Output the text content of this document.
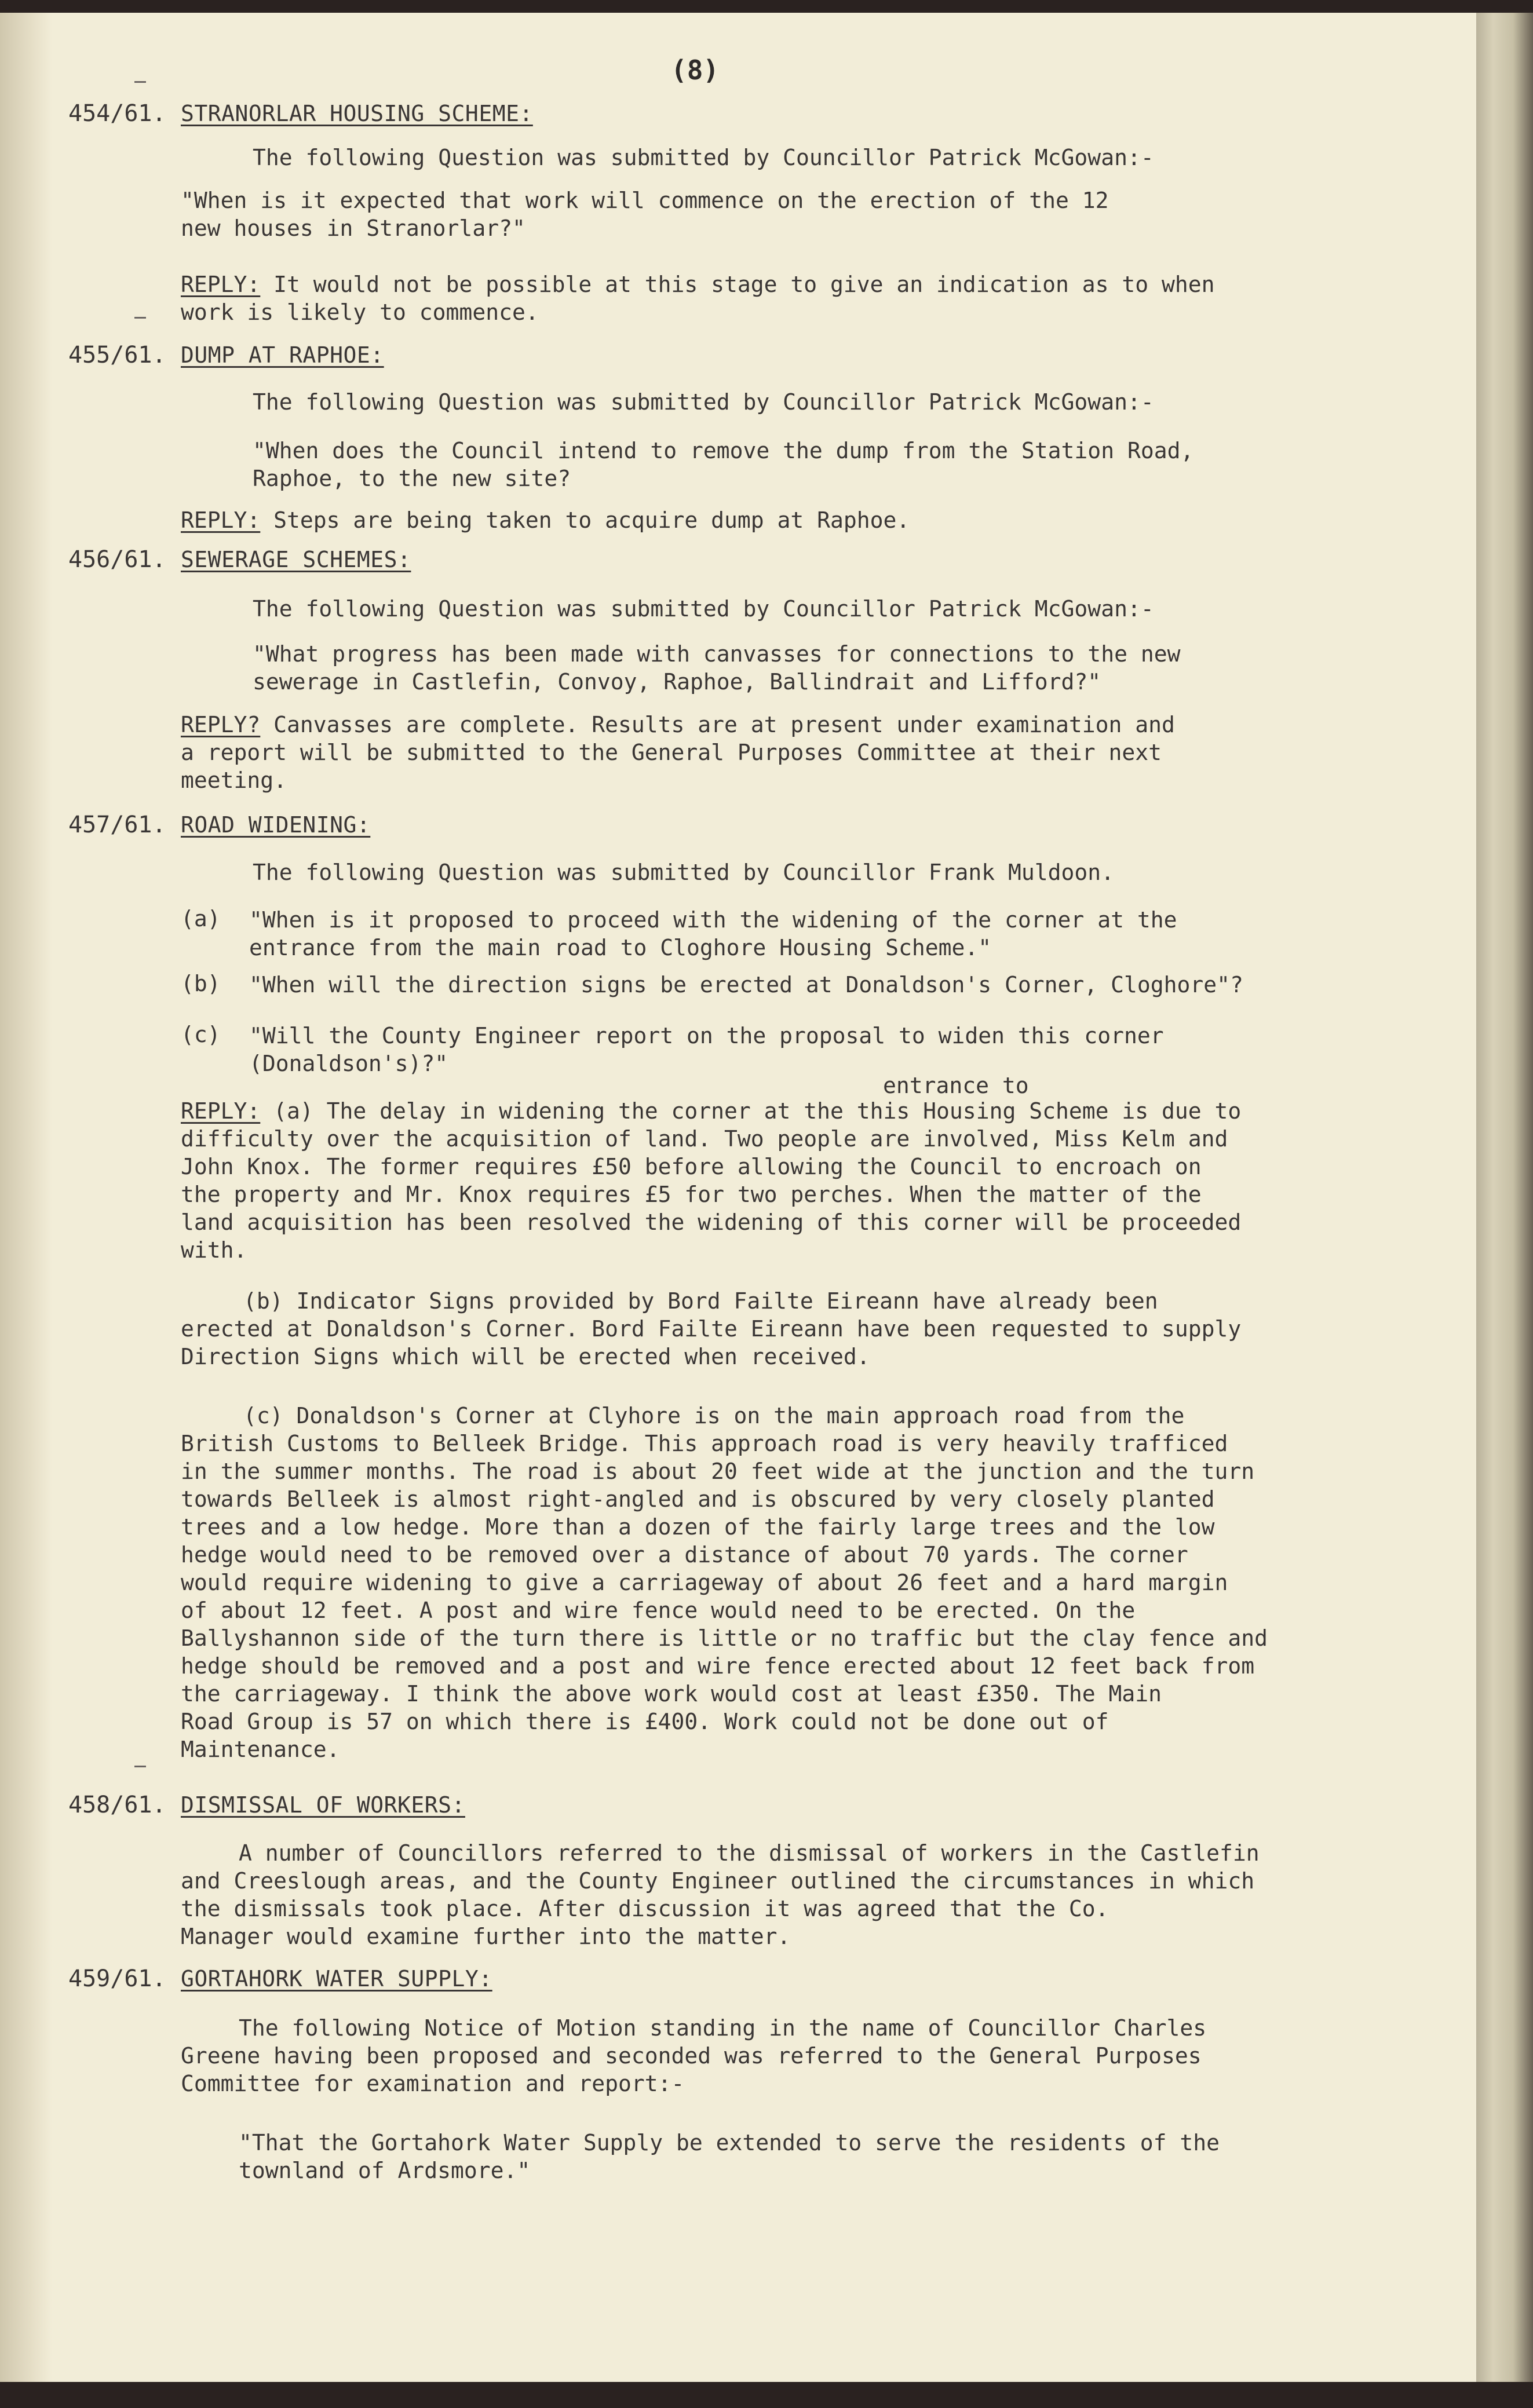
(8)
454/61. STRANORLAR HOUSING SCHEME:
The following Question was submitted by Councillor Patrick McGowan:-
"When is it expected that work will commence on the erection of the 12
new houses in Stranorlar?"
REPLY: It would not be possible at this stage to give an indication as to when
work is likely to commence.
455/61. DUMP AT RAPHOE:
The following Question was submitted by Councillor Patrick McGowan:-
"When does the Council intend to remove the dump from the Station Road,
Raphoe, to the new site?
REPLY: Steps are being taken to acquire dump at Raphoe.
456/61. SEWERAGE SCHEMES:
The following Question was submitted by Councillor Patrick McGowan:-
"What progress has been made with canvasses for connections to the new
sewerage in Castlefin, Convoy, Raphoe, Ballindrait and Lifford?"
REPLY? Canvasses are complete. Results are at present under examination and
a report will be submitted to the General Purposes Committee at their next
meeting.
457/61. ROAD WIDENING:
The following Question was submitted by Councillor Frank Muldoon.
(a) "When is it proposed to proceed with the widening of the corner at the
entrance from the main road to Cloghore Housing Scheme."
(b) "When will the direction signs be erected at Donaldson's Corner, Cloghore"?
(c) "Will the County Engineer report on the proposal to widen this corner
(Donaldson's)?"
entrance to
REPLY: (a) The delay in widening the corner at the this Housing Scheme is due to
difficulty over the acquisition of land. Two people are involved, Miss Kelm and
John Knox. The former requires £50 before allowing the Council to encroach on
the property and Mr. Knox requires £5 for two perches. When the matter of the
land acquisition has been resolved the widening of this corner will be proceeded
with.
(b) Indicator Signs provided by Bord Failte Eireann have already been
erected at Donaldson's Corner. Bord Failte Eireann have been requested to supply
Direction Signs which will be erected when received.
(c) Donaldson's Corner at Clyhore is on the main approach road from the
British Customs to Belleek Bridge. This approach road is very heavily trafficed
in the summer months. The road is about 20 feet wide at the junction and the turn
towards Belleek is almost right-angled and is obscured by very closely planted
trees and a low hedge. More than a dozen of the fairly large trees and the low
hedge would need to be removed over a distance of about 70 yards. The corner
would require widening to give a carriageway of about 26 feet and a hard margin
of about 12 feet. A post and wire fence would need to be erected. On the
Ballyshannon side of the turn there is little or no traffic but the clay fence and
hedge should be removed and a post and wire fence erected about 12 feet back from
the carriageway. I think the above work would cost at least £350. The Main
Road Group is 57 on which there is £400. Work could not be done out of
Maintenance.
458/61. DISMISSAL OF WORKERS:
A number of Councillors referred to the dismissal of workers in the Castlefin
and Creeslough areas, and the County Engineer outlined the circumstances in which
the dismissals took place. After discussion it was agreed that the Co.
Manager would examine further into the matter.
459/61. GORTAHORK WATER SUPPLY:
The following Notice of Motion standing in the name of Councillor Charles
Greene having been proposed and seconded was referred to the General Purposes
Committee for examination and report:-
"That the Gortahork Water Supply be extended to serve the residents of the
townland of Ardsmore."
